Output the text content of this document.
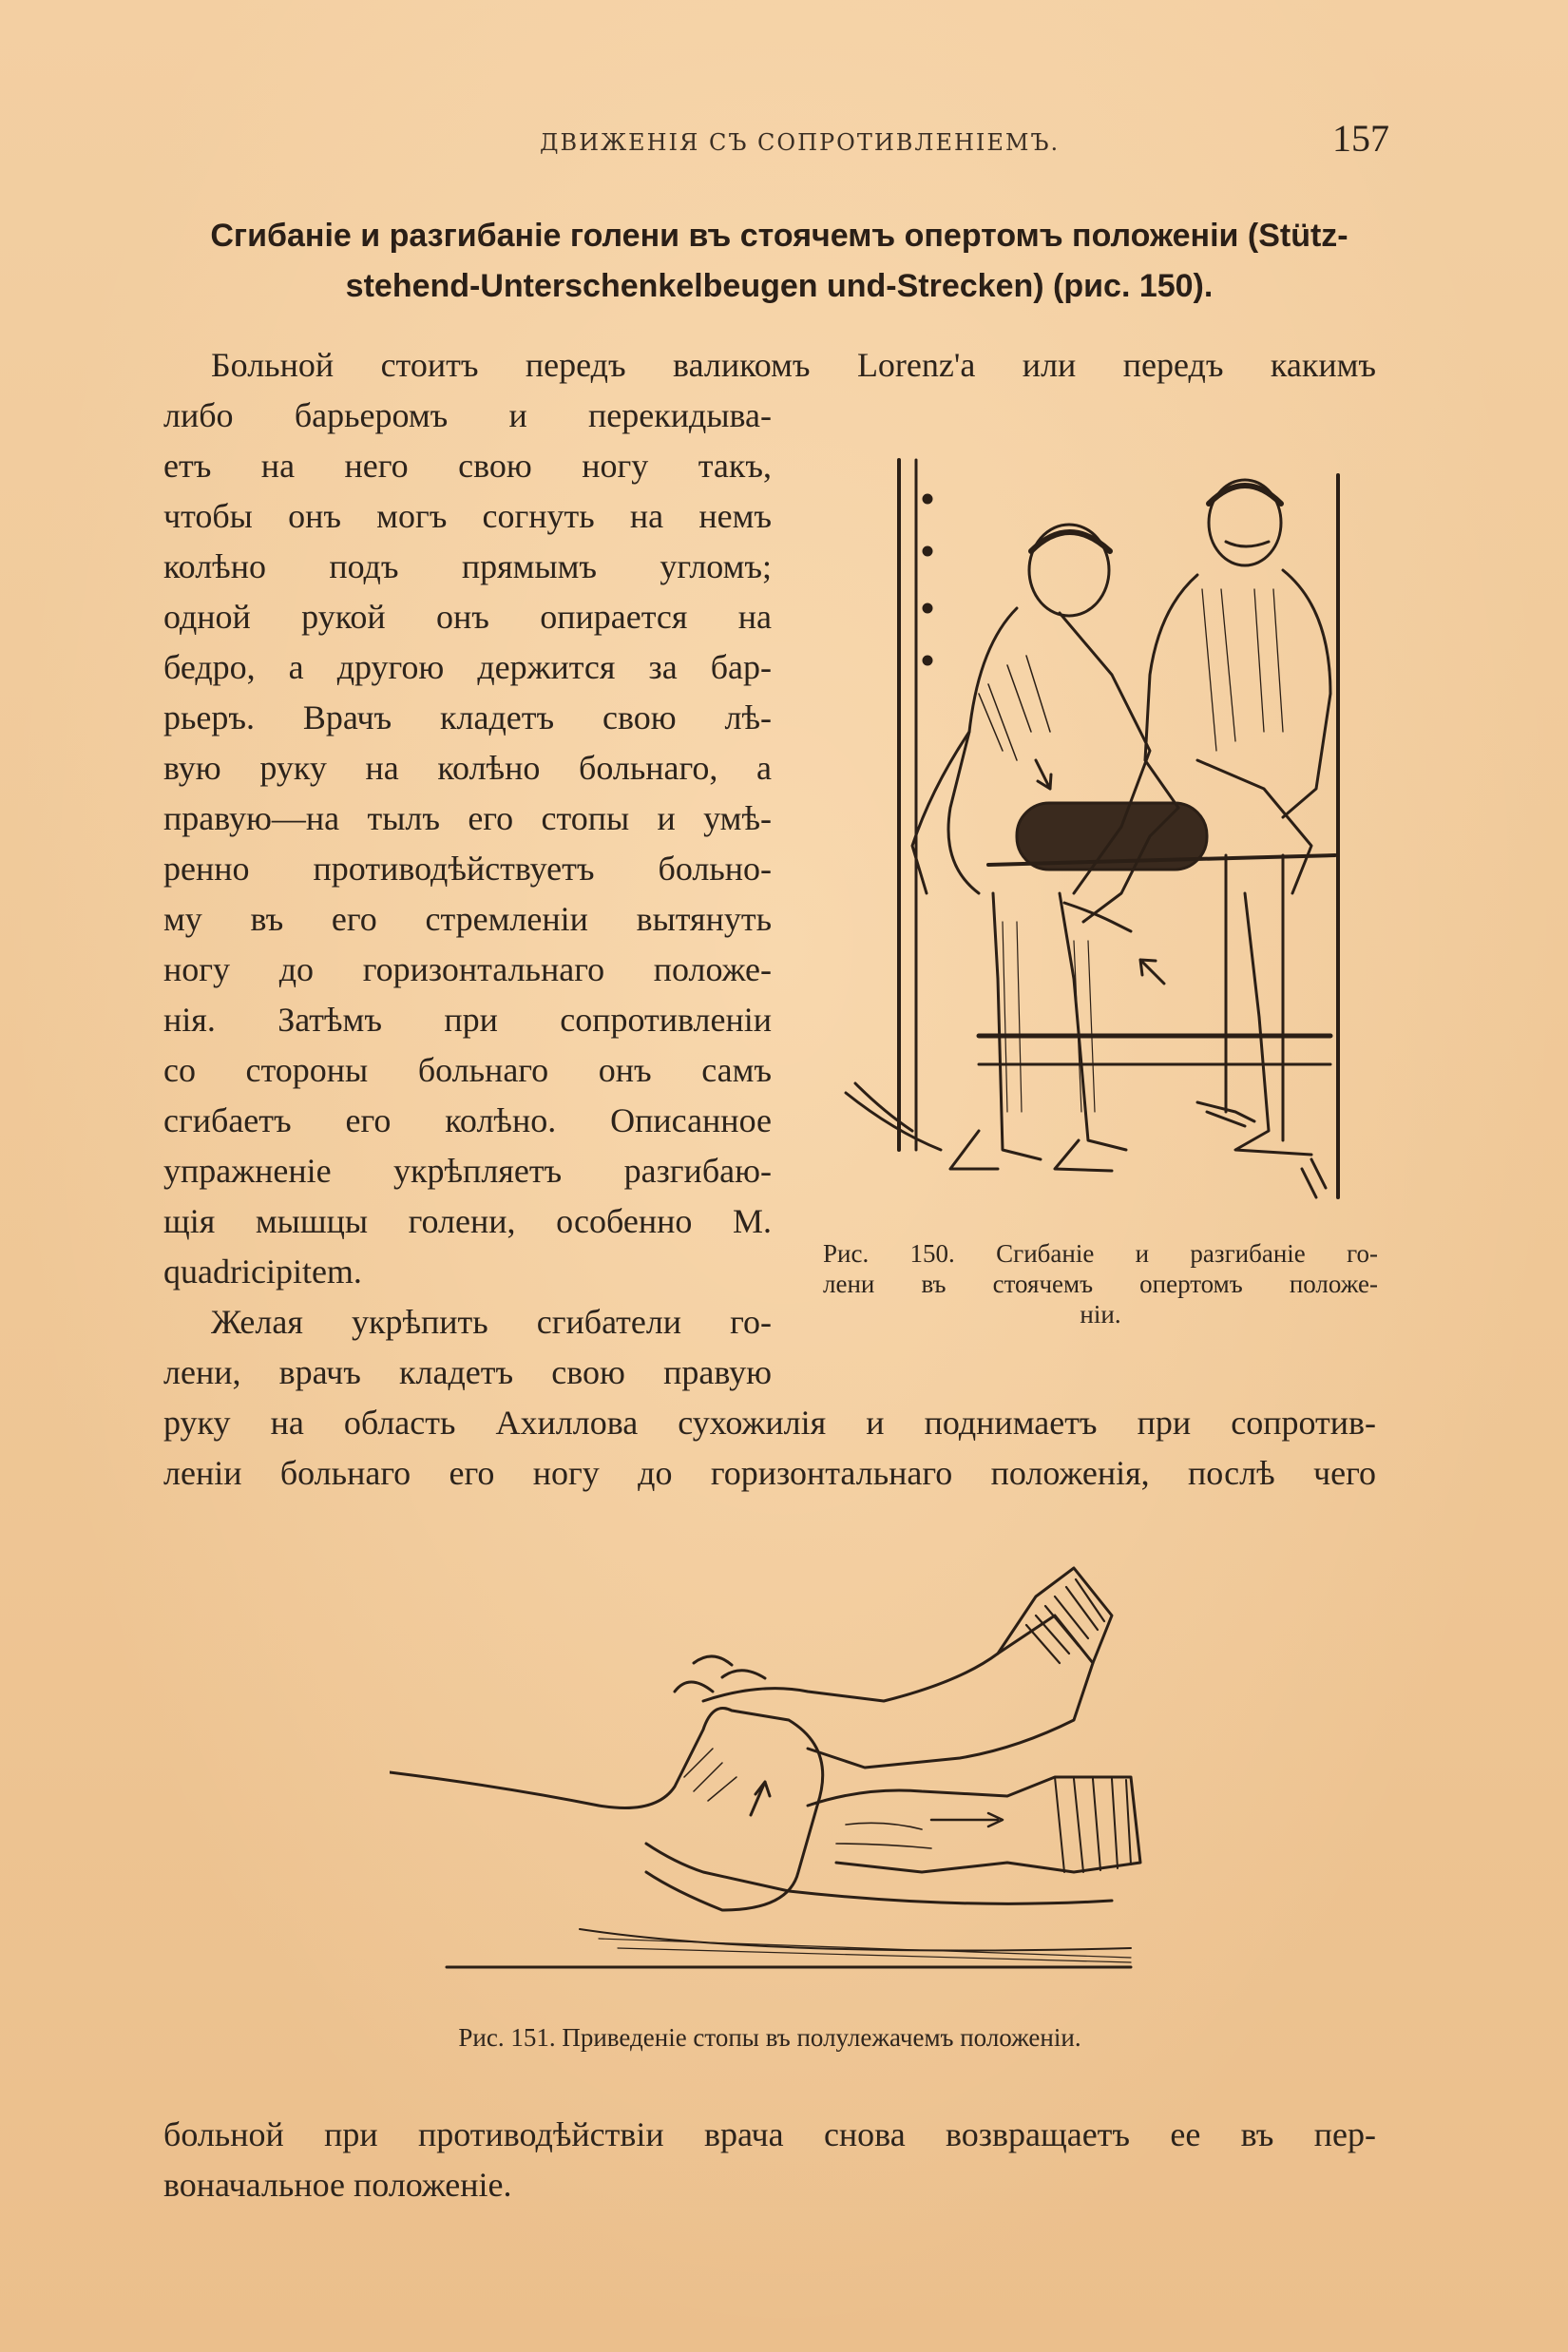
ДВИЖЕНІЯ СЪ СОПРОТИВЛЕНІЕМЪ.	157
Сгибаніе и разгибаніе голени въ стоячемъ опертомъ положеніи (Stütz-
stehend-Unterschenkelbeugen und-Strecken) (рис. 150).
Больной стоитъ передъ валикомъ Lorenz'а или передъ какимъ
либо барьеромъ и перекидыва-
етъ на него свою ногу такъ,
чтобы онъ могъ согнуть на немъ
колѣно подъ прямымъ угломъ;
одной рукой онъ опирается на
бедро, а другою держится за бар-
рьеръ. Врачъ кладетъ свою лѣ-
вую руку на колѣно больнаго, а
правую—на тылъ его стопы и умѣ-
ренно противодѣйствуетъ больно-
му въ его стремленіи вытянуть
ногу до горизонтальнаго положе-
нія. Затѣмъ при сопротивленіи
со стороны больнаго онъ самъ
сгибаетъ его колѣно. Описанное
упражненіе укрѣпляетъ разгибаю-
щія мышцы голени, особенно M.
quadricipitem.
Желая укрѣпить сгибатели го-
лени, врачъ кладетъ свою правую
руку на область Ахиллова сухожилія и поднимаетъ при сопротив-
леніи больнаго его ногу до горизонтальнаго положенія, послѣ чего
Рис. 150. Сгибаніе и разгибаніе го-
лени въ стоячемъ опертомъ положе-
ніи.
Рис. 151. Приведеніе стопы въ полулежачемъ положеніи.
больной при противодѣйствіи врача снова возвращаетъ ее въ пер-
воначальное положеніе.
